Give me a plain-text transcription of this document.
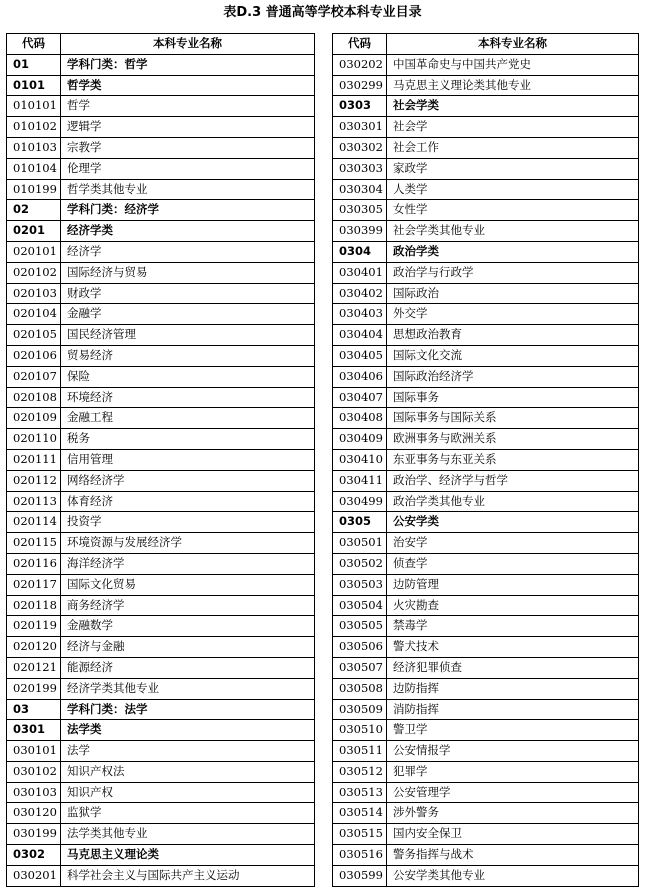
表D.3 普通高等学校本科专业目录
代码	本科专业名称
01	学科门类：哲学
0101	哲学类
010101	哲学
010102	逻辑学
010103	宗教学
010104	伦理学
010199	哲学类其他专业
02	学科门类：经济学
0201	经济学类
020101	经济学
020102	国际经济与贸易
020103	财政学
020104	金融学
020105	国民经济管理
020106	贸易经济
020107	保险
020108	环境经济
020109	金融工程
020110	税务
020111	信用管理
020112	网络经济学
020113	体育经济
020114	投资学
020115	环境资源与发展经济学
020116	海洋经济学
020117	国际文化贸易
020118	商务经济学
020119	金融数学
020120	经济与金融
020121	能源经济
020199	经济学类其他专业
03	学科门类：法学
0301	法学类
030101	法学
030102	知识产权法
030103	知识产权
030120	监狱学
030199	法学类其他专业
0302	马克思主义理论类
030201	科学社会主义与国际共产主义运动
代码	本科专业名称
030202	中国革命史与中国共产党史
030299	马克思主义理论类其他专业
0303	社会学类
030301	社会学
030302	社会工作
030303	家政学
030304	人类学
030305	女性学
030399	社会学类其他专业
0304	政治学类
030401	政治学与行政学
030402	国际政治
030403	外交学
030404	思想政治教育
030405	国际文化交流
030406	国际政治经济学
030407	国际事务
030408	国际事务与国际关系
030409	欧洲事务与欧洲关系
030410	东亚事务与东亚关系
030411	政治学、经济学与哲学
030499	政治学类其他专业
0305	公安学类
030501	治安学
030502	侦查学
030503	边防管理
030504	火灾勘查
030505	禁毒学
030506	警犬技术
030507	经济犯罪侦查
030508	边防指挥
030509	消防指挥
030510	警卫学
030511	公安情报学
030512	犯罪学
030513	公安管理学
030514	涉外警务
030515	国内安全保卫
030516	警务指挥与战术
030599	公安学类其他专业
